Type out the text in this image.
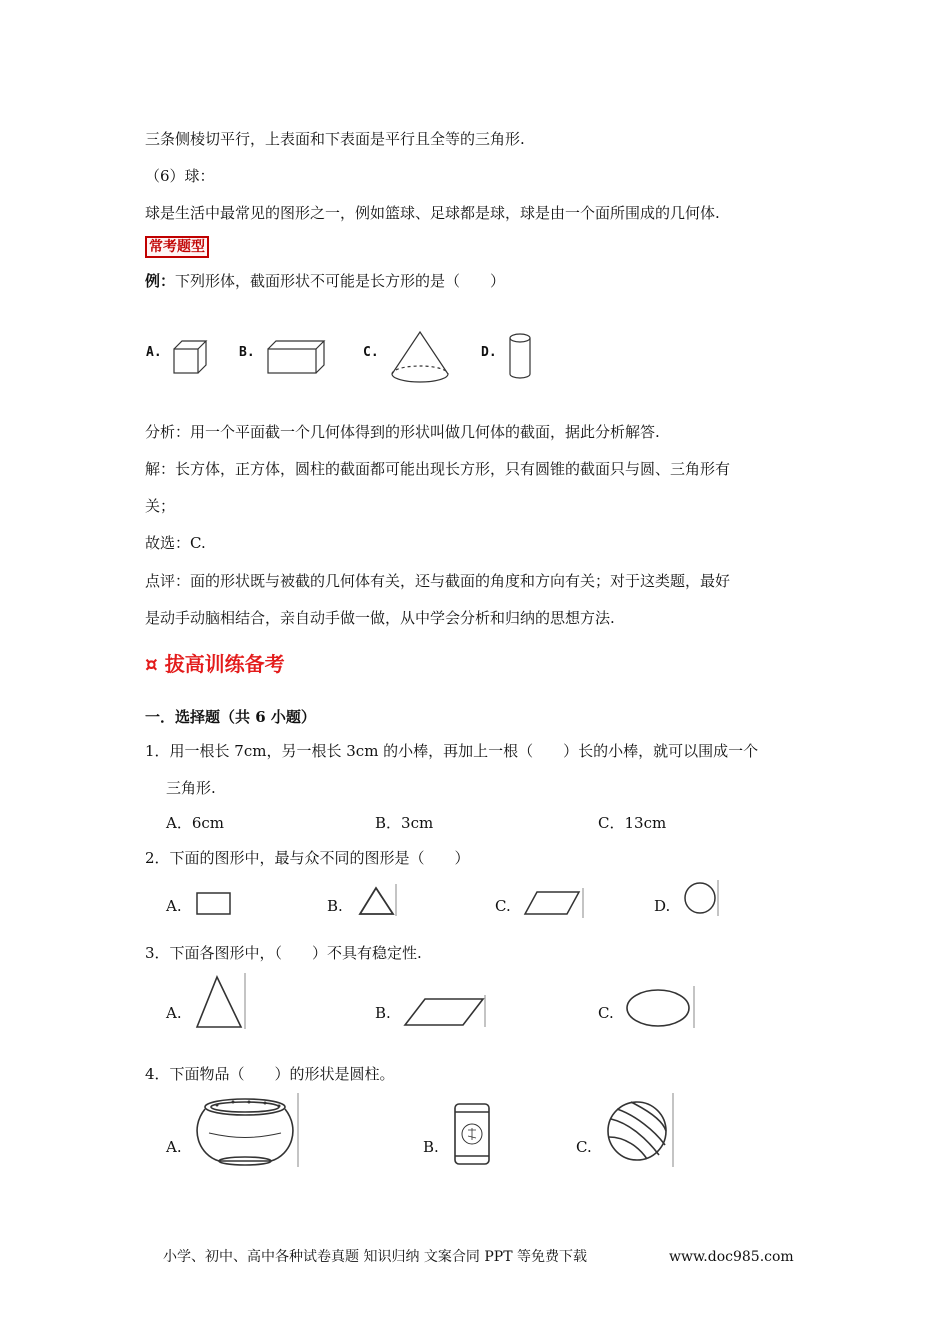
三条侧棱切平行，上表面和下表面是平行且全等的三角形.
（6）球：
球是生活中最常见的图形之一，例如篮球、足球都是球，球是由一个面所围成的几何体.
常考题型
例：下列形体，截面形状不可能是长方形的是（　　）
A.	B.	C.	D.
分析：用一个平面截一个几何体得到的形状叫做几何体的截面，据此分析解答.
解：长方体，正方体，圆柱的截面都可能出现长方形，只有圆锥的截面只与圆、三角形有
关；
故选：C.
点评：面的形状既与被截的几何体有关，还与截面的角度和方向有关；对于这类题，最好
是动手动脑相结合，亲自动手做一做，从中学会分析和归纳的思想方法.
¤ 拔高训练备考
一．选择题（共 6 小题）
1．用一根长 7cm，另一根长 3cm 的小棒，再加上一根（　　）长的小棒，就可以围成一个
三角形.
A．6cm	B．3cm	C．13cm
2．下面的图形中，最与众不同的图形是（　　）
A.	B.	C.	D.
3．下面各图形中，（　　）不具有稳定性.
A.	B.	C.
4．下面物品（　　）的形状是圆柱。
A.	B.	C.
小学、初中、高中各种试卷真题 知识归纳 文案合同 PPT 等免费下载	www.doc985.com
